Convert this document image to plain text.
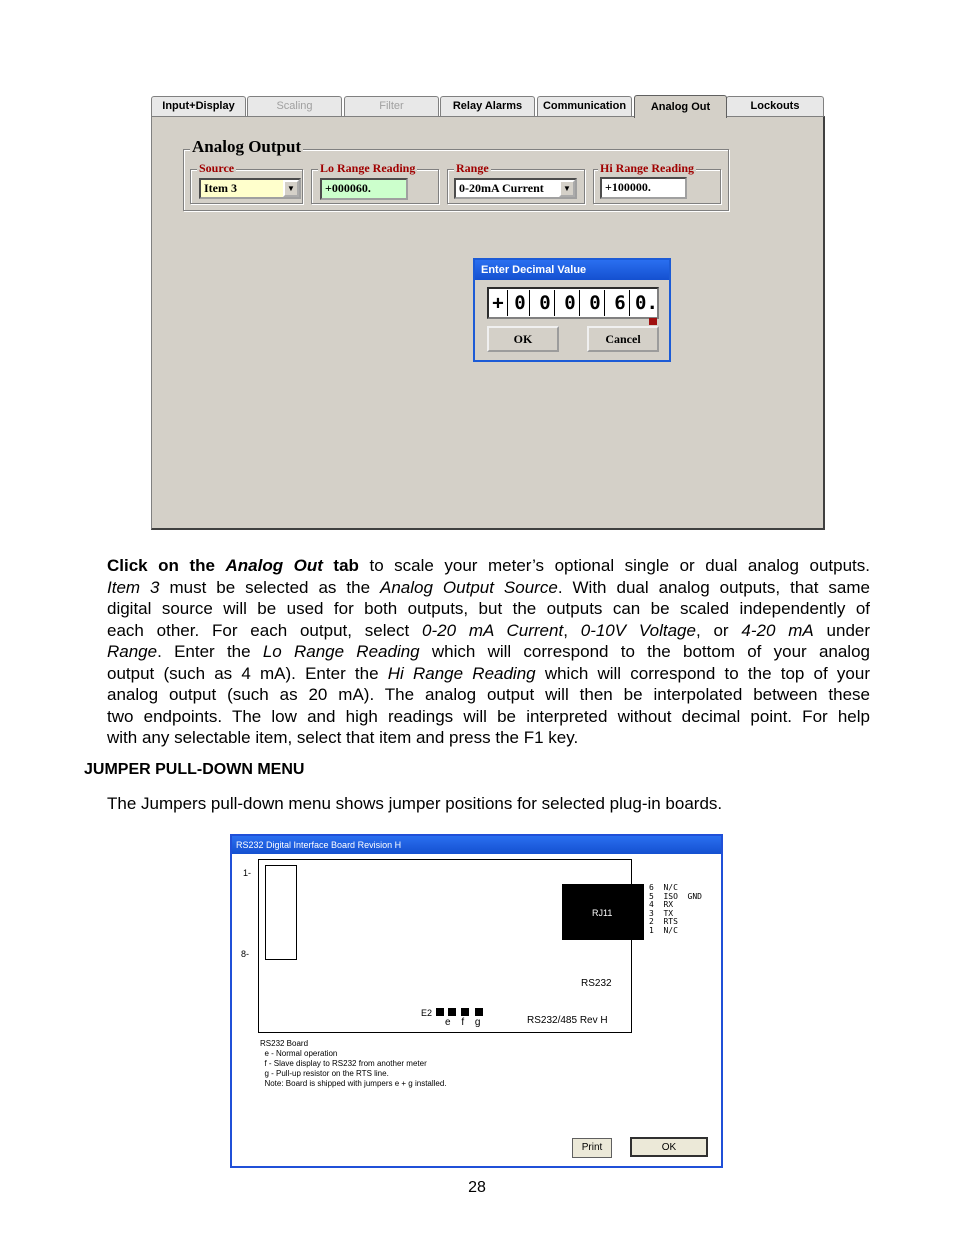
Input+Display	Scaling	Filter	Relay Alarms	Communication	Lockouts
Analog Output
Source
Item 3	▼
Lo Range Reading
+000060.
Range
0-20mA Current	▼
Hi Range Reading
+100000.
Enter Decimal Value
+ 0 0 0 0 6 0.
OK	Cancel
Analog Out
Click on the Analog Out tab to scale your meter’s optional single or dual analog outputs.
Item 3 must be selected as the Analog Output Source. With dual analog outputs, that same
digital source will be used for both outputs, but the outputs can be scaled independently of
each other. For each output, select 0-20 mA Current, 0-10V Voltage, or 4-20 mA under
Range. Enter the Lo Range Reading which will correspond to the bottom of your analog
output (such as 4 mA). Enter the Hi Range Reading which will correspond to the top of your
analog output (such as 20 mA). The analog output will then be interpolated between these
two endpoints. The low and high readings will be interpreted without decimal point. For help
with any selectable item, select that item and press the F1 key.
JUMPER PULL-DOWN MENU
The Jumpers pull-down menu shows jumper positions for selected plug-in boards.
RS232 Digital Interface Board Revision H
1-
8-
RJ11
RS232
E2
e f g	RS232/485 Rev H
6  N/C
5  ISO  GND
4  RX
3  TX
2  RTS
1  N/C
RS232 Board
e - Normal operation
f - Slave display to RS232 from another meter
g - Pull-up resistor on the RTS line.
Note: Board is shipped with jumpers e + g installed.
Print	OK
28
